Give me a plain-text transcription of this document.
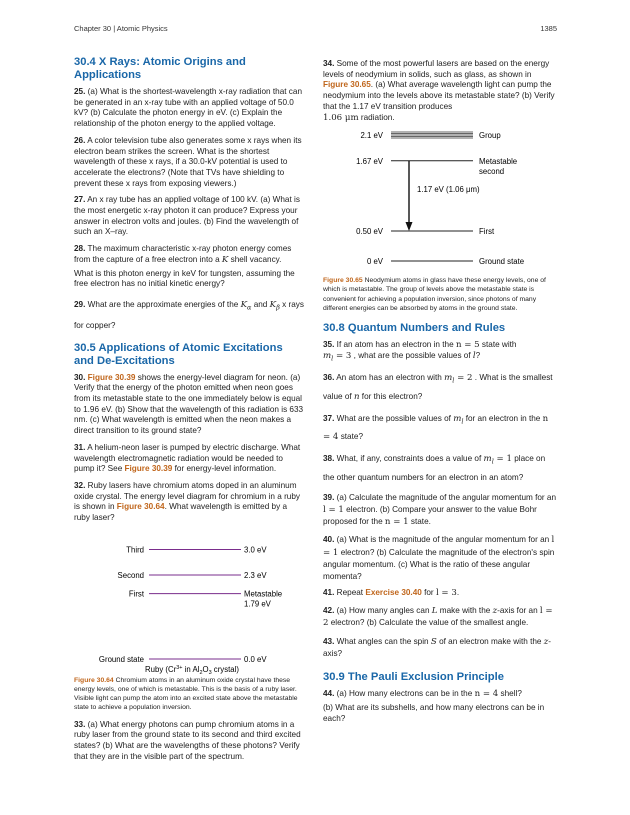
Chapter 30 | Atomic Physics	1385
30.4 X Rays: Atomic Origins and Applications

25. (a) What is the shortest-wavelength x-ray radiation that can be generated in an x-ray tube with an applied voltage of 50.0 kV? (b) Calculate the photon energy in eV. (c) Explain the relationship of the photon energy to the applied voltage.

26. A color television tube also generates some x rays when its electron beam strikes the screen. What is the shortest wavelength of these x rays, if a 30.0-kV potential is used to accelerate the electrons? (Note that TVs have shielding to prevent these x rays from exposing viewers.)

27. An x ray tube has an applied voltage of 100 kV. (a) What is the most energetic x-ray photon it can produce? Express your answer in electron volts and joules. (b) Find the wavelength of such an X–ray.

28. The maximum characteristic x-ray photon energy comes from the capture of a free electron into a K shell vacancy.

What is this photon energy in keV for tungsten, assuming the free electron has no initial kinetic energy?

29. What are the approximate energies of the $K_\alpha$ and $K_\beta$ x rays for copper?

30.5 Applications of Atomic Excitations and De-Excitations

30. Figure 30.39 shows the energy-level diagram for neon. (a) Verify that the energy of the photon emitted when neon goes from its metastable state to the one immediately below is equal to 1.96 eV. (b) Show that the wavelength of this radiation is 633 nm. (c) What wavelength is emitted when the neon makes a direct transition to its ground state?

31. A helium-neon laser is pumped by electric discharge. What wavelength electromagnetic radiation would be needed to pump it? See Figure 30.39 for energy-level information.

32. Ruby lasers have chromium atoms doped in an aluminum oxide crystal. The energy level diagram for chromium in a ruby is shown in Figure 30.64. What wavelength is emitted by a ruby laser?

Third	3.0 eV
Second	2.3 eV
First	Metastable
1.79 eV
Ground state	0.0 eV
Ruby ($Cr^{3+}$ in $Al_2O_3$ crystal)

Figure 30.64 Chromium atoms in an aluminum oxide crystal have these energy levels, one of which is metastable. This is the basis of a ruby laser. Visible light can pump the atom into an excited state above the metastable state to achieve a population inversion.

33. (a) What energy photons can pump chromium atoms in a ruby laser from the ground state to its second and third excited states? (b) What are the wavelengths of these photons? Verify that they are in the visible part of the spectrum.

34. Some of the most powerful lasers are based on the energy levels of neodymium in solids, such as glass, as shown in Figure 30.65. (a) What average wavelength light can pump the neodymium into the levels above its metastable state? (b) Verify that the 1.17 eV transition produces
1.06 μm radiation.

2.1 eV	Group
1.67 eV	Metastable
second
0.50 eV	First
0 eV	Ground state
1.17 eV (1.06 μm)

Figure 30.65 Neodymium atoms in glass have these energy levels, one of which is metastable. The group of levels above the metastable state is convenient for achieving a population inversion, since photons of many different energies can be absorbed by atoms in the ground state.

30.8 Quantum Numbers and Rules

35. If an atom has an electron in the n = 5 state with
$m_l = 3$ , what are the possible values of l?

36. An atom has an electron with $m_l = 2$ . What is the smallest value of n for this electron?

37. What are the possible values of $m_l$ for an electron in the n = 4 state?

38. What, if any, constraints does a value of $m_l = 1$ place on the other quantum numbers for an electron in an atom?

39. (a) Calculate the magnitude of the angular momentum for an l = 1 electron. (b) Compare your answer to the value Bohr proposed for the n = 1 state.

40. (a) What is the magnitude of the angular momentum for an l = 1 electron? (b) Calculate the magnitude of the electron's spin angular momentum. (c) What is the ratio of these angular momenta?

41. Repeat Exercise 30.40 for l = 3.

42. (a) How many angles can L make with the z-axis for an l = 2 electron? (b) Calculate the value of the smallest angle.

43. What angles can the spin S of an electron make with the z-axis?

30.9 The Pauli Exclusion Principle

44. (a) How many electrons can be in the n = 4 shell?

(b) What are its subshells, and how many electrons can be in each?
